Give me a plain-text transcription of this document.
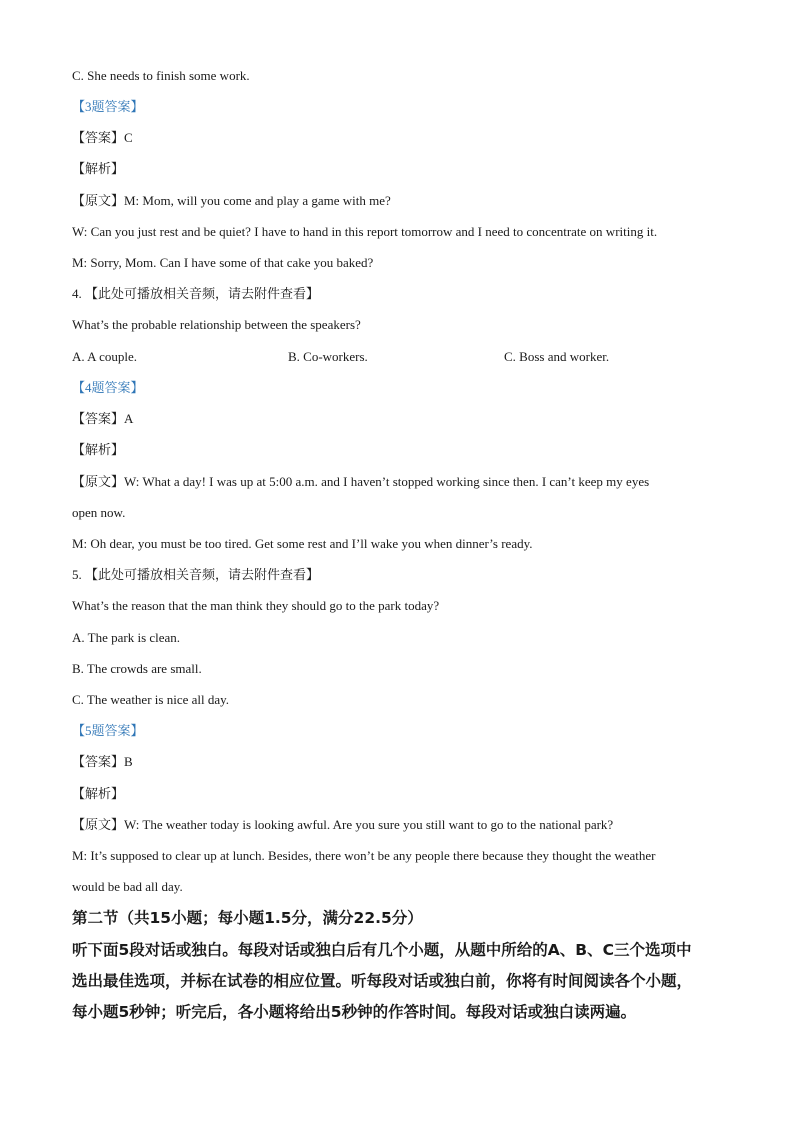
C. She needs to finish some work.
【3题答案】
【答案】C
【解析】
【原文】M: Mom, will you come and play a game with me?
W: Can you just rest and be quiet? I have to hand in this report tomorrow and I need to concentrate on writing it.
M: Sorry, Mom. Can I have some of that cake you baked?
4. 【此处可播放相关音频，请去附件查看】
What’s the probable relationship between the speakers?
A. A couple.	B. Co-workers.	C. Boss and worker.
【4题答案】
【答案】A
【解析】
【原文】W: What a day! I was up at 5:00 a.m. and I haven’t stopped working since then. I can’t keep my eyes
open now.
M: Oh dear, you must be too tired. Get some rest and I’ll wake you when dinner’s ready.
5. 【此处可播放相关音频，请去附件查看】
What’s the reason that the man think they should go to the park today?
A. The park is clean.
B. The crowds are small.
C. The weather is nice all day.
【5题答案】
【答案】B
【解析】
【原文】W: The weather today is looking awful. Are you sure you still want to go to the national park?
M: It’s supposed to clear up at lunch. Besides, there won’t be any people there because they thought the weather
would be bad all day.
第二节（共15小题；每小题1.5分，满分22.5分）
听下面5段对话或独白。每段对话或独白后有几个小题，从题中所给的A、B、C三个选项中
选出最佳选项，并标在试卷的相应位置。听每段对话或独白前，你将有时间阅读各个小题，
每小题5秒钟；听完后，各小题将给出5秒钟的作答时间。每段对话或独白读两遍。
